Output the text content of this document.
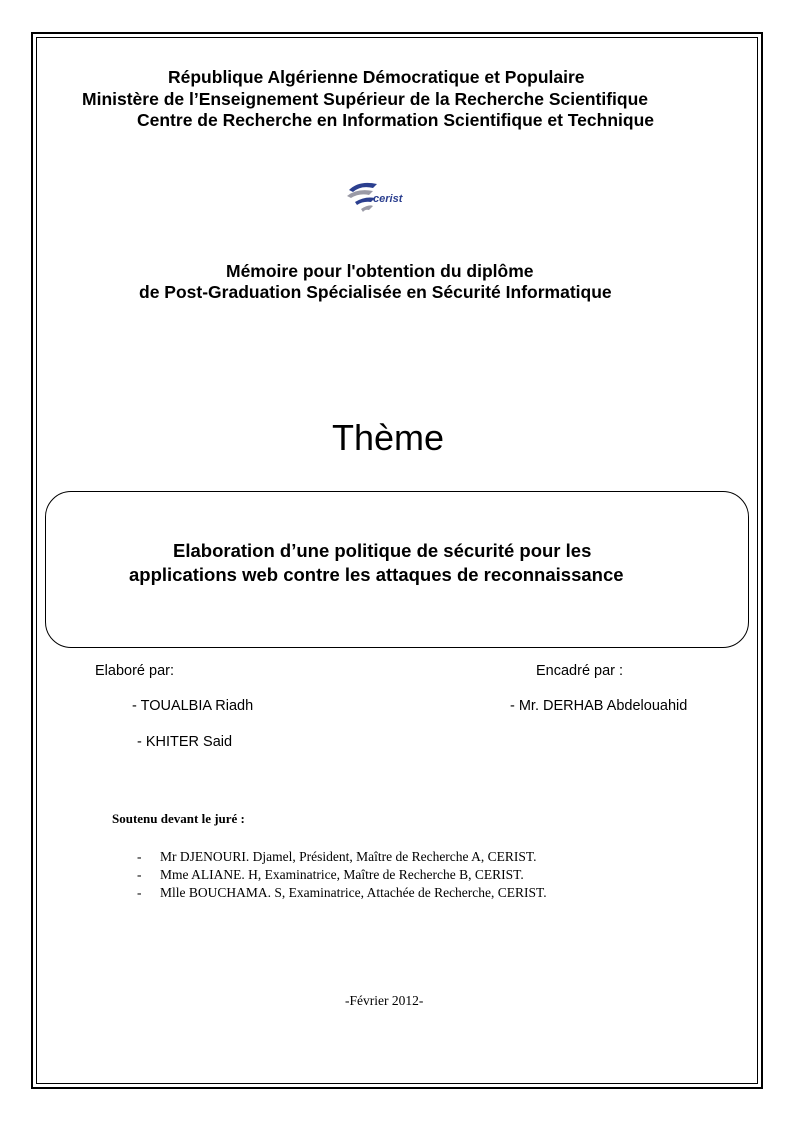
République Algérienne Démocratique et Populaire
Ministère de l’Enseignement Supérieur de la Recherche Scientifique
Centre de Recherche en Information Scientifique et Technique
cerist
Mémoire pour l'obtention du diplôme
de Post-Graduation Spécialisée en Sécurité Informatique
Thème
Elaboration d’une politique de sécurité pour les
applications web contre les attaques de reconnaissance
Elaboré par:	Encadré par :
- TOUALBIA Riadh	- Mr. DERHAB Abdelouahid
- KHITER Said
Soutenu devant le juré :
- Mr DJENOURI. Djamel, Président, Maître de Recherche A, CERIST.
- Mme ALIANE. H, Examinatrice, Maître de Recherche B, CERIST.
- Mlle BOUCHAMA. S, Examinatrice, Attachée de Recherche, CERIST.
-Février 2012-
